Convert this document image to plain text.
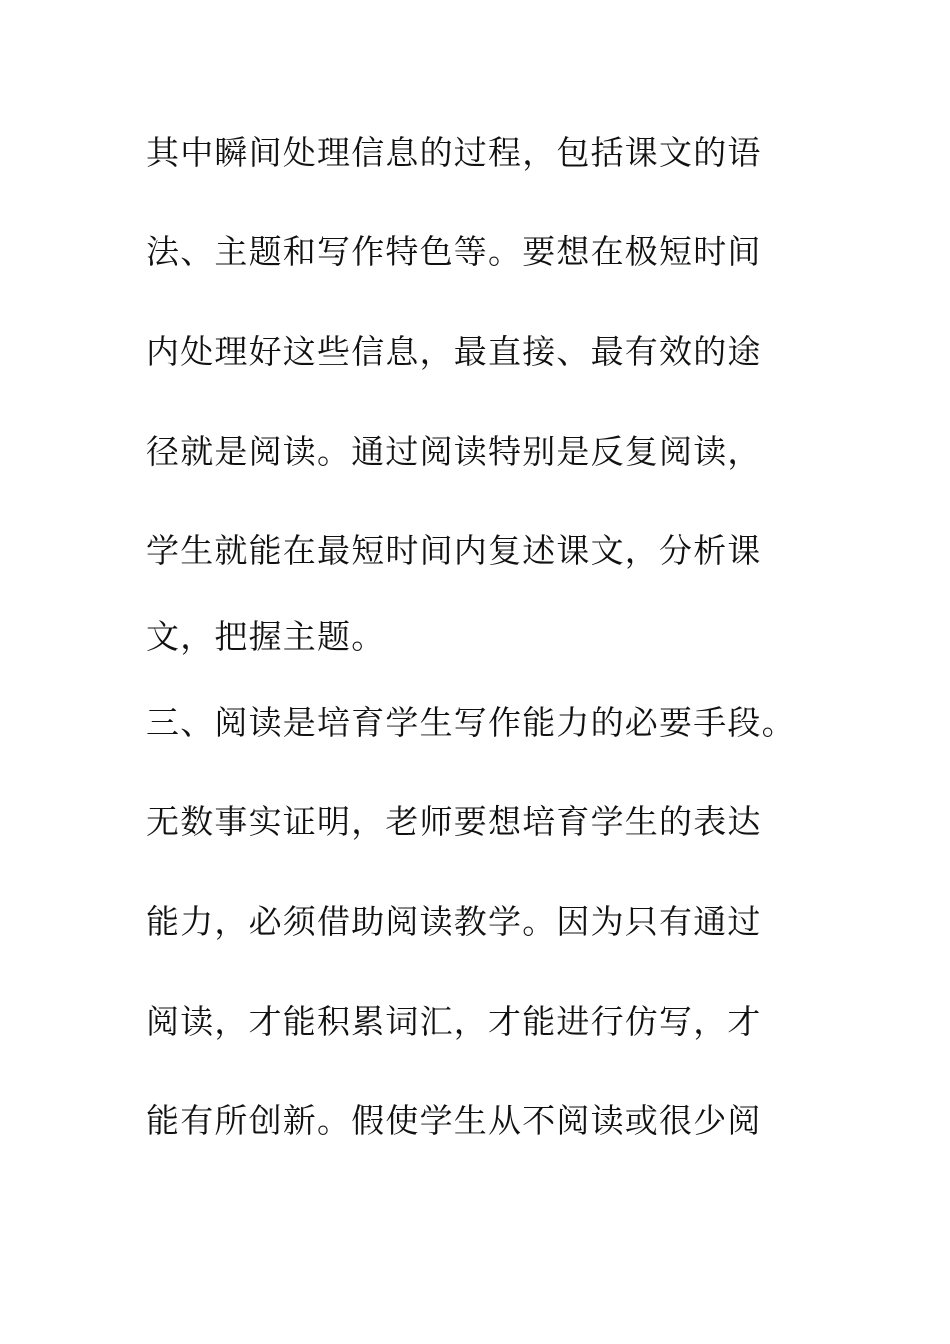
其中瞬间处理信息的过程，包括课文的语

法、主题和写作特色等。要想在极短时间

内处理好这些信息，最直接、最有效的途

径就是阅读。通过阅读特别是反复阅读，

学生就能在最短时间内复述课文，分析课

文，把握主题。

三、阅读是培育学生写作能力的必要手段。

无数事实证明，老师要想培育学生的表达

能力，必须借助阅读教学。因为只有通过

阅读，才能积累词汇，才能进行仿写，才

能有所创新。假使学生从不阅读或很少阅
